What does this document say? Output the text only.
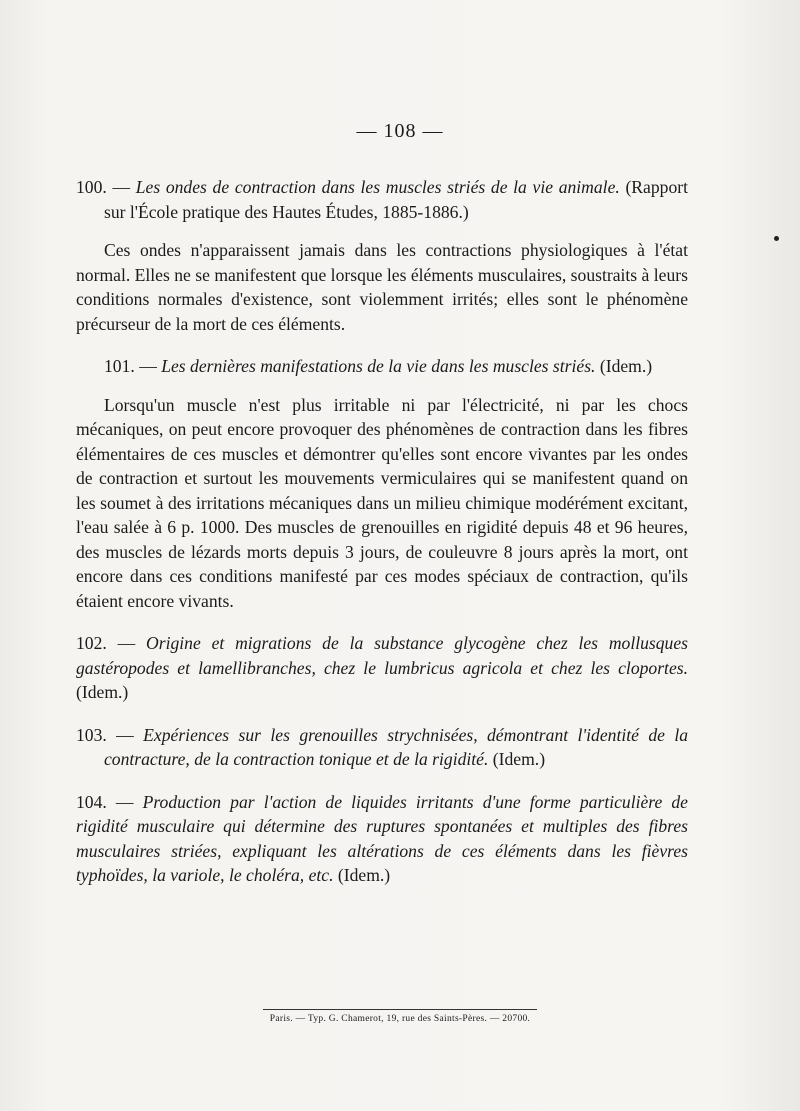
— 108 —

100. — Les ondes de contraction dans les muscles striés de la vie animale. (Rapport sur l'École pratique des Hautes Études, 1885-1886.)

Ces ondes n'apparaissent jamais dans les contractions physiologiques à l'état normal. Elles ne se manifestent que lorsque les éléments musculaires, soustraits à leurs conditions normales d'existence, sont violemment irrités; elles sont le phénomène précurseur de la mort de ces éléments.

101. — Les dernières manifestations de la vie dans les muscles striés. (Idem.)

Lorsqu'un muscle n'est plus irritable ni par l'électricité, ni par les chocs mécaniques, on peut encore provoquer des phénomènes de contraction dans les fibres élémentaires de ces muscles et démontrer qu'elles sont encore vivantes par les ondes de contraction et surtout les mouvements vermiculaires qui se manifestent quand on les soumet à des irritations mécaniques dans un milieu chimique modérément excitant, l'eau salée à 6 p. 1000. Des muscles de grenouilles en rigidité depuis 48 et 96 heures, des muscles de lézards morts depuis 3 jours, de couleuvre 8 jours après la mort, ont encore dans ces conditions manifesté par ces modes spéciaux de contraction, qu'ils étaient encore vivants.

102. — Origine et migrations de la substance glycogène chez les mollusques gastéropodes et lamellibranches, chez le lumbricus agricola et chez les cloportes. (Idem.)

103. — Expériences sur les grenouilles strychnisées, démontrant l'identité de la contracture, de la contraction tonique et de la rigidité. (Idem.)

104. — Production par l'action de liquides irritants d'une forme particulière de rigidité musculaire qui détermine des ruptures spontanées et multiples des fibres musculaires striées, expliquant les altérations de ces éléments dans les fièvres typhoïdes, la variole, le choléra, etc. (Idem.)

Paris. — Typ. G. Chamerot, 19, rue des Saints-Pères. — 20700.
